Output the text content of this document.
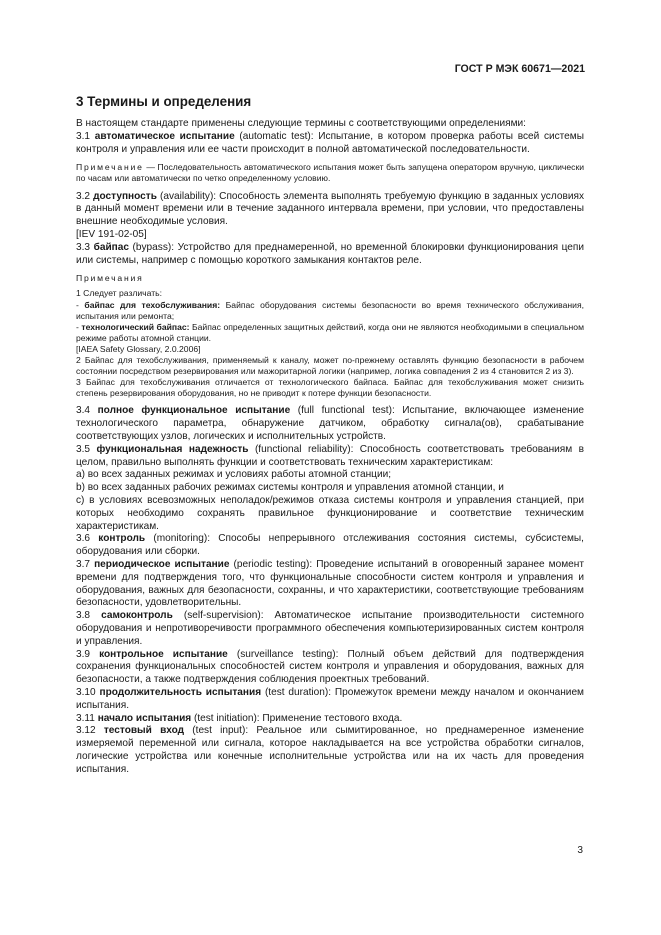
ГОСТ Р МЭК 60671—2021
3 Термины и определения

В настоящем стандарте применены следующие термины с соответствующими определениями:

3.1 автоматическое испытание (automatic test): Испытание, в котором проверка работы всей системы контроля и управления или ее части происходит в полной автоматической последовательности.

Примечание — Последовательность автоматического испытания может быть запущена оператором вручную, циклически по часам или автоматически по четко определенному условию.

3.2 доступность (availability): Способность элемента выполнять требуемую функцию в заданных условиях в данный момент времени или в течение заданного интервала времени, при условии, что предоставлены внешние необходимые условия.

[IEV 191-02-05]

3.3 байпас (bypass): Устройство для преднамеренной, но временной блокировки функционирования цепи или системы, например с помощью короткого замыкания контактов реле.

Примечания

1 Следует различать:

- байпас для техобслуживания: Байпас оборудования системы безопасности во время технического обслуживания, испытания или ремонта;

- технологический байпас: Байпас определенных защитных действий, когда они не являются необходимыми в специальном режиме работы атомной станции.

[IAEA Safety Glossary, 2.0.2006]

2 Байпас для техобслуживания, применяемый к каналу, может по-прежнему оставлять функцию безопасности в рабочем состоянии посредством резервирования или мажоритарной логики (например, логика совпадения 2 из 4 становится 2 из 3).

3 Байпас для техобслуживания отличается от технологического байпаса. Байпас для техобслуживания может снизить степень резервирования оборудования, но не приводит к потере функции безопасности.

3.4 полное функциональное испытание (full functional test): Испытание, включающее изменение технологического параметра, обнаружение датчиком, обработку сигнала(ов), срабатывание соответствующих узлов, логических и исполнительных устройств.

3.5 функциональная надежность (functional reliability): Способность соответствовать требованиям в целом, правильно выполнять функции и соответствовать техническим характеристикам:

а) во всех заданных режимах и условиях работы атомной станции;

b) во всех заданных рабочих режимах системы контроля и управления атомной станции, и

с) в условиях всевозможных неполадок/режимов отказа системы контроля и управления станцией, при которых необходимо сохранять правильное функционирование и соответствие техническим характеристикам.

3.6 контроль (monitoring): Способы непрерывного отслеживания состояния системы, субсистемы, оборудования или сборки.

3.7 периодическое испытание (periodic testing): Проведение испытаний в оговоренный заранее момент времени для подтверждения того, что функциональные способности систем контроля и управления и оборудования, важных для безопасности, сохранны, и что характеристики, соответствующие требованиям безопасности, удовлетворительны.

3.8 самоконтроль (self-supervision): Автоматическое испытание производительности системного оборудования и непротиворечивости программного обеспечения компьютеризированных систем контроля и управления.

3.9 контрольное испытание (surveillance testing): Полный объем действий для подтверждения сохранения функциональных способностей систем контроля и управления и оборудования, важных для безопасности, а также подтверждения соблюдения проектных требований.

3.10 продолжительность испытания (test duration): Промежуток времени между началом и окончанием испытания.

3.11 начало испытания (test initiation): Применение тестового входа.

3.12 тестовый вход (test input): Реальное или сымитированное, но преднамеренное изменение измеряемой переменной или сигнала, которое накладывается на все устройства обработки сигналов, логические устройства или конечные исполнительные устройства или на их часть для проведения испытания.

3
